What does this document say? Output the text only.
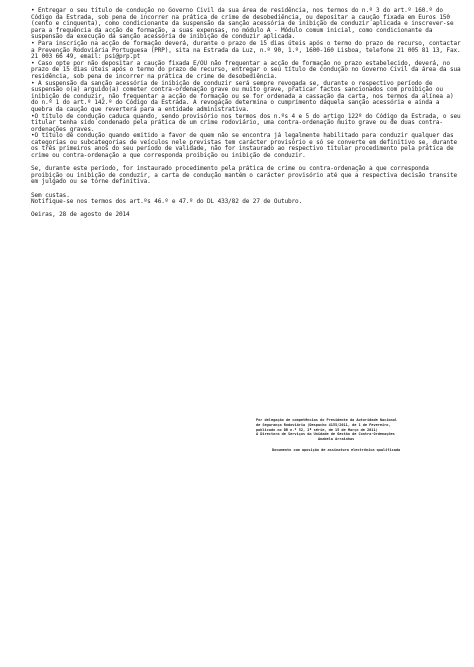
• Entregar o seu título de condução no Governo Civil da sua área de residência, nos termos do n.º 3 do art.º 160.º do Código da Estrada, sob pena de incorrer na prática de crime de desobediência, ou depositar a caução fixada em Euros 150 (cento e cinquenta), como condicionante da suspensão da sanção acessória de inibição de conduzir aplicada e inscrever-se para a frequência da acção de formação, a suas expensas, no módulo A - Módulo comum inicial, como condicionante da suspensão da execução da sanção acessória de inibição de conduzir aplicada.

• Para inscrição na acção de formação deverá, durante o prazo de 15 dias úteis após o termo do prazo de recurso, contactar a Prevenção Rodoviária Portuguesa (PRP), sita na Estrada da Luz, n.º 90, 1.º, 1600-160 Lisboa, telefone 21 005 81 13, Fax. 21 003 66 49, email: psi@prp.pt

• Caso opte por não depositar a caução fixada E/OU não frequentar a acção de formação no prazo estabelecido, deverá, no prazo de 15 dias úteis após o termo do prazo de recurso, entregar o seu título de condução no Governo Civil da área da sua residência, sob pena de incorrer na prática de crime de desobediência.

• A suspensão da sanção acessória de inibição de conduzir será sempre revogada se, durante o respectivo período de suspensão o(a) arguido(a) cometer contra-ordenação grave ou muito grave, praticar factos sancionados com proibição ou inibição de conduzir, não frequentar a acção de formação ou se for ordenada a cassação da carta, nos termos da alínea a) do n.º 1 do art.º 142.º do Código da Estrada. A revogação determina o cumprimento daquela sanção acessória e ainda a quebra da caução que reverterá para a entidade administrativa.

•O título de condução caduca quando, sendo provisório nos termos dos n.ºs 4 e 5 do artigo 122º do Código da Estrada, o seu titular tenha sido condenado pela prática de um crime rodoviário, uma contra-ordenação muito grave ou de duas contra-ordenações graves.

•O título de condução quando emitido a favor de quem não se encontra já legalmente habilitado para conduzir qualquer das categorias ou subcategorias de veículos nele previstas tem carácter provisório e só se converte em definitivo se, durante os três primeiros anos do seu período de validade, não for instaurado ao respectivo titular procedimento pela prática de crime ou contra-ordenação a que corresponda proibição ou inibição de conduzir.

Se, durante este período, for instaurado procedimento pela prática de crime ou contra-ordenação a que corresponda proibição ou inibição de conduzir, a carta de condução mantém o carácter provisório até que a respectiva decisão transite em julgado ou se torne definitiva.

Sem custas.

Notifique-se nos termos dos art.ºs 46.º e 47.º do DL 433/82 de 27 de Outubro.

Oeiras, 28 de agosto de 2014

Por delegação de competências do Presidente da Autoridade Nacional

de Segurança Rodoviária (Despacho 4155/2011, de 1 de Fevereiro,

publicado no DR n.º 52, 2ª série, de 15 de Março de 2011)

A Directora de Serviços da Unidade de Gestão de Contra-Ordenações

Anabela Arrainhas

Documento com aposição de assinatura electrónica qualificada
